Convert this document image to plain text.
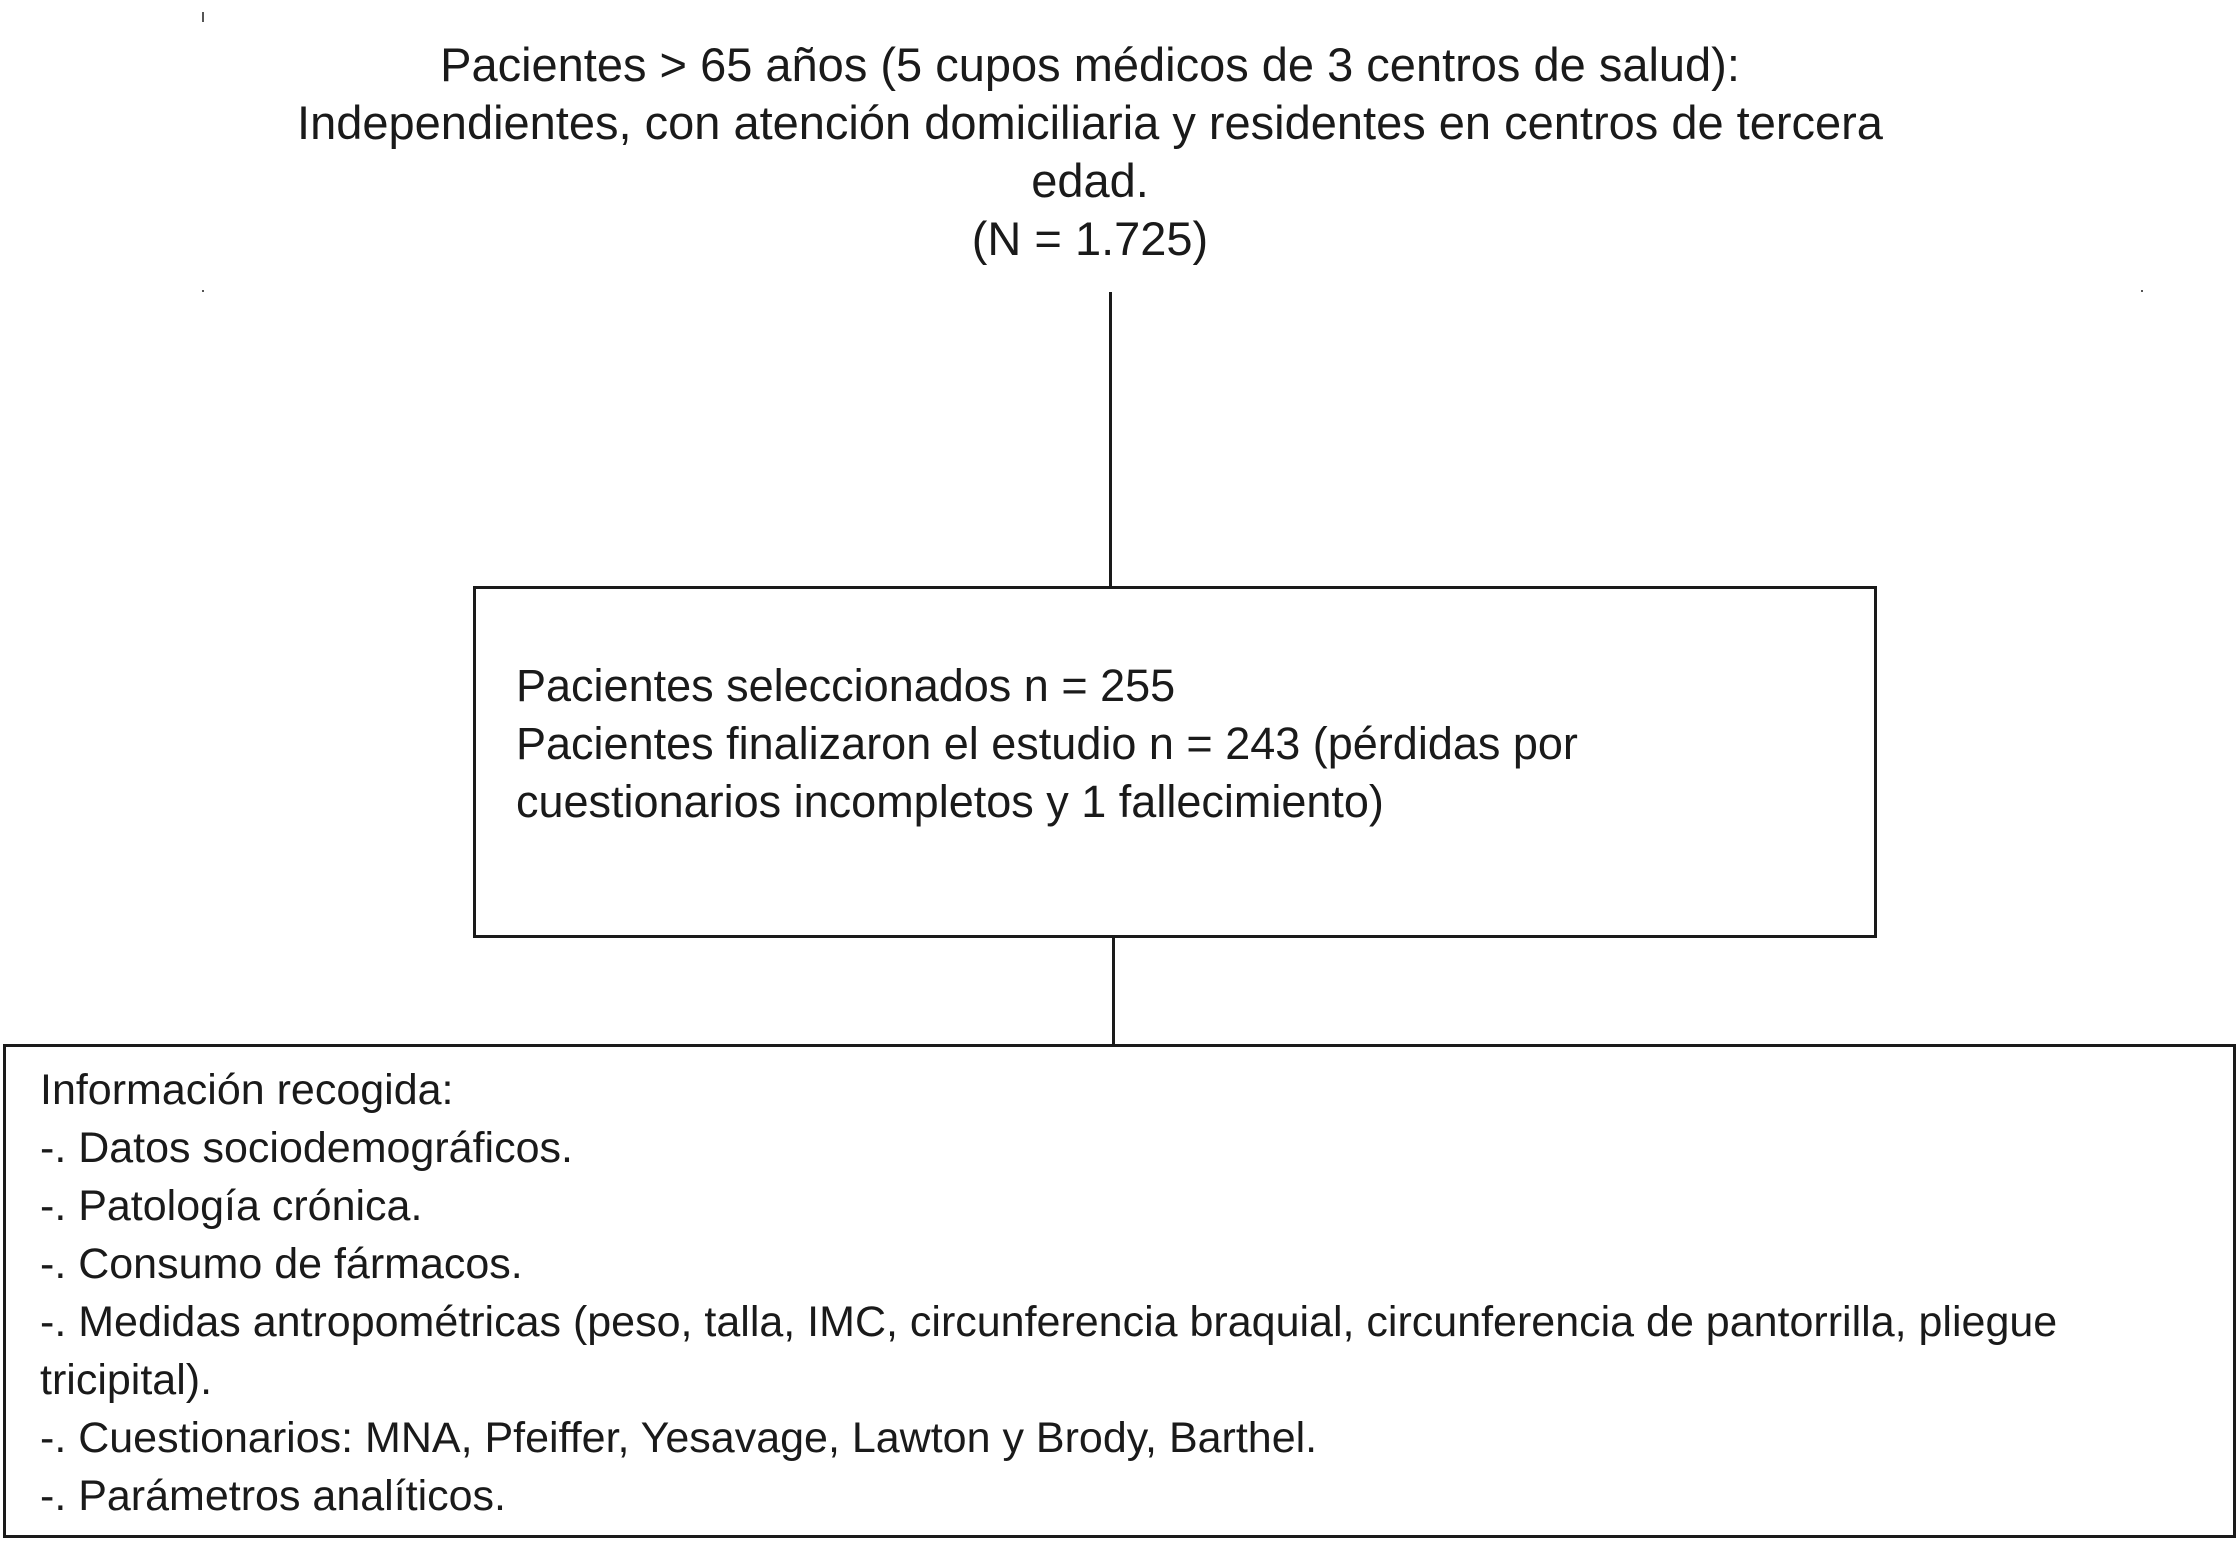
Pacientes > 65 años (5 cupos médicos de 3 centros de salud):
Independientes, con atención domiciliaria y residentes en centros de tercera
edad.
(N = 1.725)
Pacientes seleccionados n = 255
Pacientes finalizaron el estudio n = 243 (pérdidas por
cuestionarios incompletos y 1 fallecimiento)
Información recogida:
-. Datos sociodemográficos.
-. Patología crónica.
-. Consumo de fármacos.
-. Medidas antropométricas (peso, talla, IMC, circunferencia braquial, circunferencia de pantorrilla, pliegue
tricipital).
-. Cuestionarios: MNA, Pfeiffer, Yesavage, Lawton y Brody, Barthel.
-. Parámetros analíticos.
